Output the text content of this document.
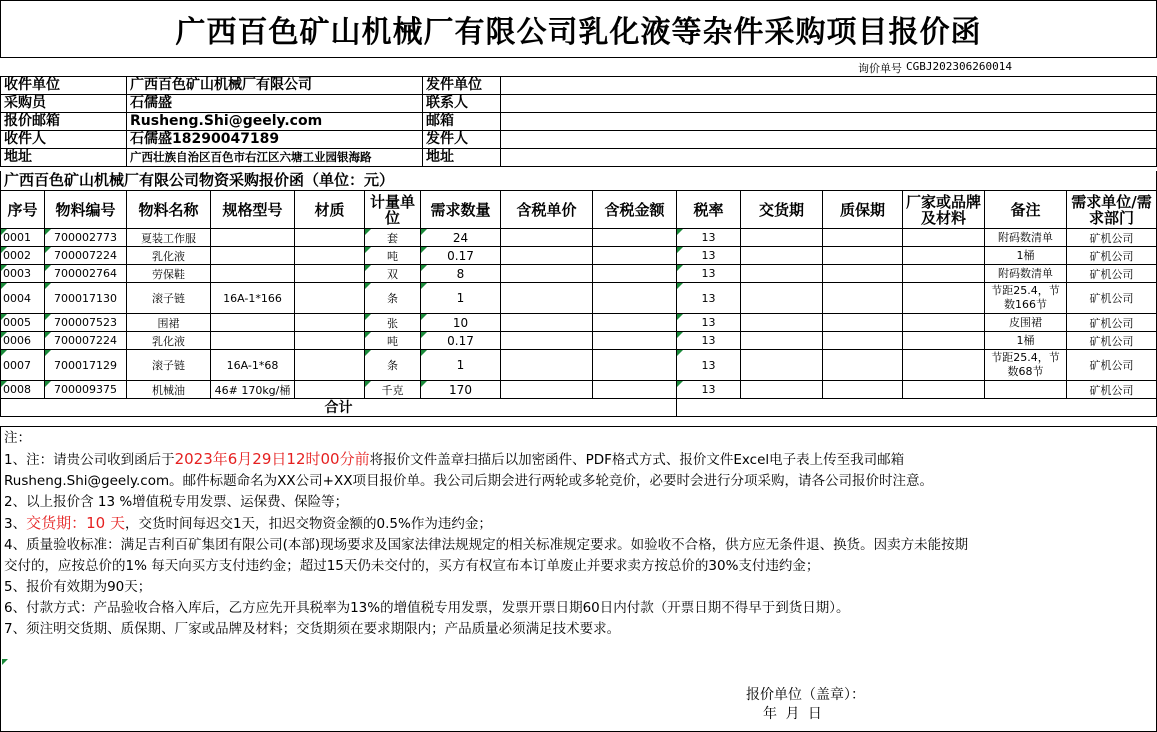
广西百色矿山机械厂有限公司乳化液等杂件采购项目报价函
询价单号 CGBJ202306260014
收件单位	广西百色矿山机械厂有限公司	发件单位	
采购员	石儒盛	联系人	
报价邮箱	Rusheng.Shi@geely.com	邮箱	
收件人	石儒盛18290047189	发件人	
地址	广西壮族自治区百色市右江区六塘工业园银海路	地址	
广西百色矿山机械厂有限公司物资采购报价函（单位：元）
序号	物料编号	物料名称	规格型号	材质	计量单位	需求数量	含税单价	含税金额	税率	交货期	质保期	厂家或品牌及材料	备注	需求单位/需求部门
0001	700002773	夏装工作服			套	24			13				附码数清单	矿机公司
0002	700007224	乳化液			吨	0.17			13				1桶	矿机公司
0003	700002764	劳保鞋			双	8			13				附码数清单	矿机公司
0004	700017130	滚子链	16A-1*166		条	1			13				节距25.4，节数166节	矿机公司
0005	700007523	围裙			张	10			13				皮围裙	矿机公司
0006	700007224	乳化液			吨	0.17			13				1桶	矿机公司
0007	700017129	滚子链	16A-1*68		条	1			13				节距25.4，节数68节	矿机公司
0008	700009375	机械油	46# 170kg/桶		千克	170			13					矿机公司
合计														

注：

1、注：请贵公司收到函后于2023年6月29日12时00分前将报价文件盖章扫描后以加密函件、PDF格式方式、报价文件Excel电子表上传至我司邮箱

Rusheng.Shi@geely.com。邮件标题命名为XX公司+XX项目报价单。我公司后期会进行两轮或多轮竞价，必要时会进行分项采购，请各公司报价时注意。

2、以上报价含 13 %增值税专用发票、运保费、保险等；

3、交货期：10 天，交货时间每迟交1天，扣迟交物资金额的0.5%作为违约金；

4、质量验收标准：满足吉利百矿集团有限公司(本部)现场要求及国家法律法规规定的相关标准规定要求。如验收不合格，供方应无条件退、换货。因卖方未能按期

交付的，应按总价的1% 每天向买方支付违约金；超过15天仍未交付的，买方有权宣布本订单废止并要求卖方按总价的30%支付违约金；

5、报价有效期为90天；

6、付款方式：产品验收合格入库后，乙方应先开具税率为13%的增值税专用发票，发票开票日期60日内付款（开票日期不得早于到货日期）。

7、须注明交货期、质保期、厂家或品牌及材料；交货期须在要求期限内；产品质量必须满足技术要求。

报价单位（盖章）：
年 月 日
